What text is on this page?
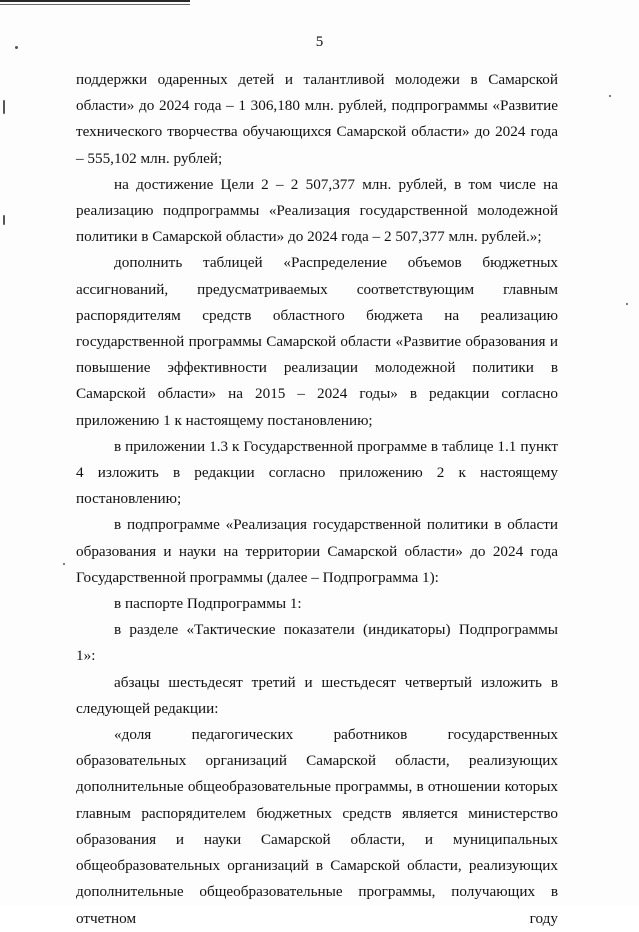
5

поддержки одаренных детей и талантливой молодежи в Самарской области» до 2024 года – 1 306,180 млн. рублей, подпрограммы «Развитие технического творчества обучающихся Самарской области» до 2024 года – 555,102 млн. рублей;

на достижение Цели 2 – 2 507,377 млн. рублей, в том числе на реализацию подпрограммы «Реализация государственной молодежной политики в Самарской области» до 2024 года – 2 507,377 млн. рублей.»;

дополнить таблицей «Распределение объемов бюджетных ассигнований, предусматриваемых соответствующим главным распорядителям средств областного бюджета на реализацию государственной программы Самарской области «Развитие образования и повышение эффективности реализации молодежной политики в Самарской области» на 2015 – 2024 годы» в редакции согласно приложению 1 к настоящему постановлению;

в приложении 1.3 к Государственной программе в таблице 1.1 пункт 4 изложить в редакции согласно приложению 2 к настоящему постановлению;

в подпрограмме «Реализация государственной политики в области образования и науки на территории Самарской области» до 2024 года Государственной программы (далее – Подпрограмма 1):

в паспорте Подпрограммы 1:

в разделе «Тактические показатели (индикаторы) Подпрограммы 1»:

абзацы шестьдесят третий и шестьдесят четвертый изложить в следующей редакции:

«доля педагогических работников государственных образовательных организаций Самарской области, реализующих дополнительные общеобразовательные программы, в отношении которых главным распорядителем бюджетных средств является министерство образования и науки Самарской области, и муниципальных общеобразовательных организаций в Самарской области, реализующих дополнительные общеобразовательные программы, получающих в отчетном году
